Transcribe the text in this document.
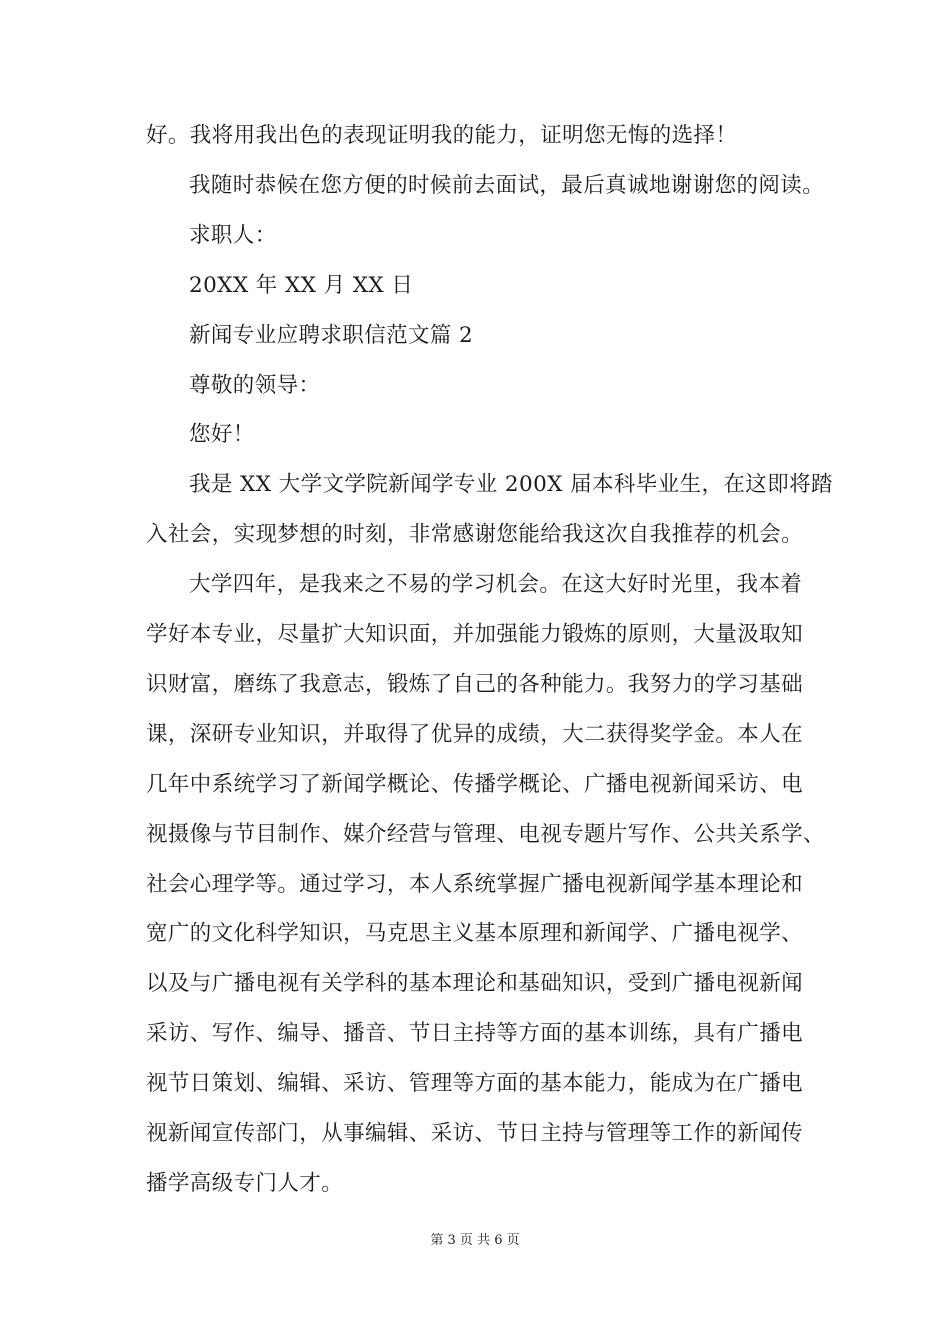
好。我将用我出色的表现证明我的能力，证明您无悔的选择！
我随时恭候在您方便的时候前去面试，最后真诚地谢谢您的阅读。
求职人：
20XX 年 XX 月 XX 日
新闻专业应聘求职信范文篇 2
尊敬的领导：
您好！
我是 XX 大学文学院新闻学专业 200X 届本科毕业生，在这即将踏
入社会，实现梦想的时刻，非常感谢您能给我这次自我推荐的机会。
大学四年，是我来之不易的学习机会。在这大好时光里，我本着
学好本专业，尽量扩大知识面，并加强能力锻炼的原则，大量汲取知
识财富，磨练了我意志，锻炼了自己的各种能力。我努力的学习基础
课，深研专业知识，并取得了优异的成绩，大二获得奖学金。本人在
几年中系统学习了新闻学概论、传播学概论、广播电视新闻采访、电
视摄像与节目制作、媒介经营与管理、电视专题片写作、公共关系学、
社会心理学等。通过学习，本人系统掌握广播电视新闻学基本理论和
宽广的文化科学知识，马克思主义基本原理和新闻学、广播电视学、
以及与广播电视有关学科的基本理论和基础知识，受到广播电视新闻
采访、写作、编导、播音、节日主持等方面的基本训练，具有广播电
视节日策划、编辑、采访、管理等方面的基本能力，能成为在广播电
视新闻宣传部门，从事编辑、采访、节日主持与管理等工作的新闻传
播学高级专门人才。
第 3 页 共 6 页
